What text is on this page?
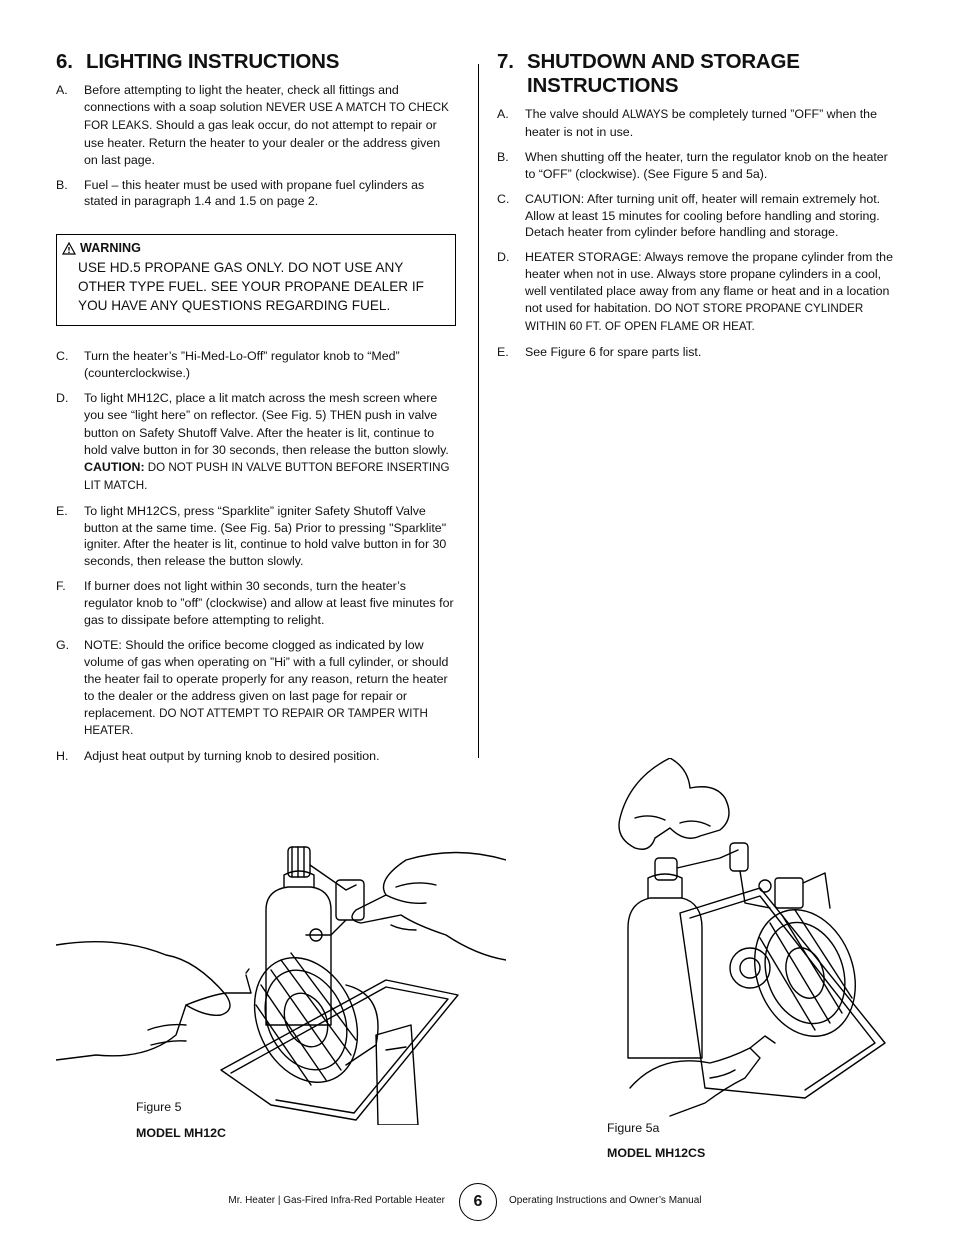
6. LIGHTING INSTRUCTIONS
A. Before attempting to light the heater, check all fittings and connections with a soap solution NEVER USE A MATCH TO CHECK FOR LEAKS. Should a gas leak occur, do not attempt to repair or use heater. Return the heater to your dealer or the address given on last page.
B. Fuel – this heater must be used with propane fuel cylinders as stated in paragraph 1.4 and 1.5 on page 2.
WARNING
USE HD.5 PROPANE GAS ONLY. DO NOT USE ANY OTHER TYPE FUEL. SEE YOUR PROPANE DEALER IF YOU HAVE ANY QUESTIONS REGARDING FUEL.
C. Turn the heater’s ”Hi-Med-Lo-Off” regulator knob to “Med” (counterclockwise.)
D. To light MH12C, place a lit match across the mesh screen where you see “light here” on reflector. (See Fig. 5) THEN push in valve button on Safety Shutoff Valve. After the heater is lit, continue to hold valve button in for 30 seconds, then release the button slowly. CAUTION: DO NOT PUSH IN VALVE BUTTON BEFORE INSERTING LIT MATCH.
E. To light MH12CS, press “Sparklite” igniter Safety Shutoff Valve button at the same time. (See Fig. 5a) Prior to pressing "Sparklite" igniter. After the heater is lit, continue to hold valve button in for 30 seconds, then release the button slowly.
F. If burner does not light within 30 seconds, turn the heater’s regulator knob to ”off” (clockwise) and allow at least five minutes for gas to dissipate before attempting to relight.
G. NOTE: Should the orifice become clogged as indicated by low volume of gas when operating on ”Hi” with a full cylinder, or should the heater fail to operate properly for any reason, return the heater to the dealer or the address given on last page for repair or replacement. DO NOT ATTEMPT TO REPAIR OR TAMPER WITH HEATER.
H. Adjust heat output by turning knob to desired position.
7. SHUTDOWN AND STORAGE INSTRUCTIONS
A. The valve should ALWAYS be completely turned ”OFF” when the heater is not in use.
B. When shutting off the heater, turn the regulator knob on the heater to “OFF” (clockwise). (See Figure 5 and 5a).
C. CAUTION: After turning unit off, heater will remain extremely hot. Allow at least 15 minutes for cooling before handling and storing. Detach heater from cylinder before handling and storage.
D. HEATER STORAGE: Always remove the propane cylinder from the heater when not in use. Always store propane cylinders in a cool, well ventilated place away from any flame or heat and in a location not used for habitation. DO NOT STORE PROPANE CYLINDER WITHIN 60 FT. OF OPEN FLAME OR HEAT.
E. See Figure 6 for spare parts list.
Figure 5
MODEL MH12C	Figure 5a
MODEL MH12CS
Mr. Heater | Gas-Fired Infra-Red Portable Heater	6	Operating Instructions and Owner’s Manual
